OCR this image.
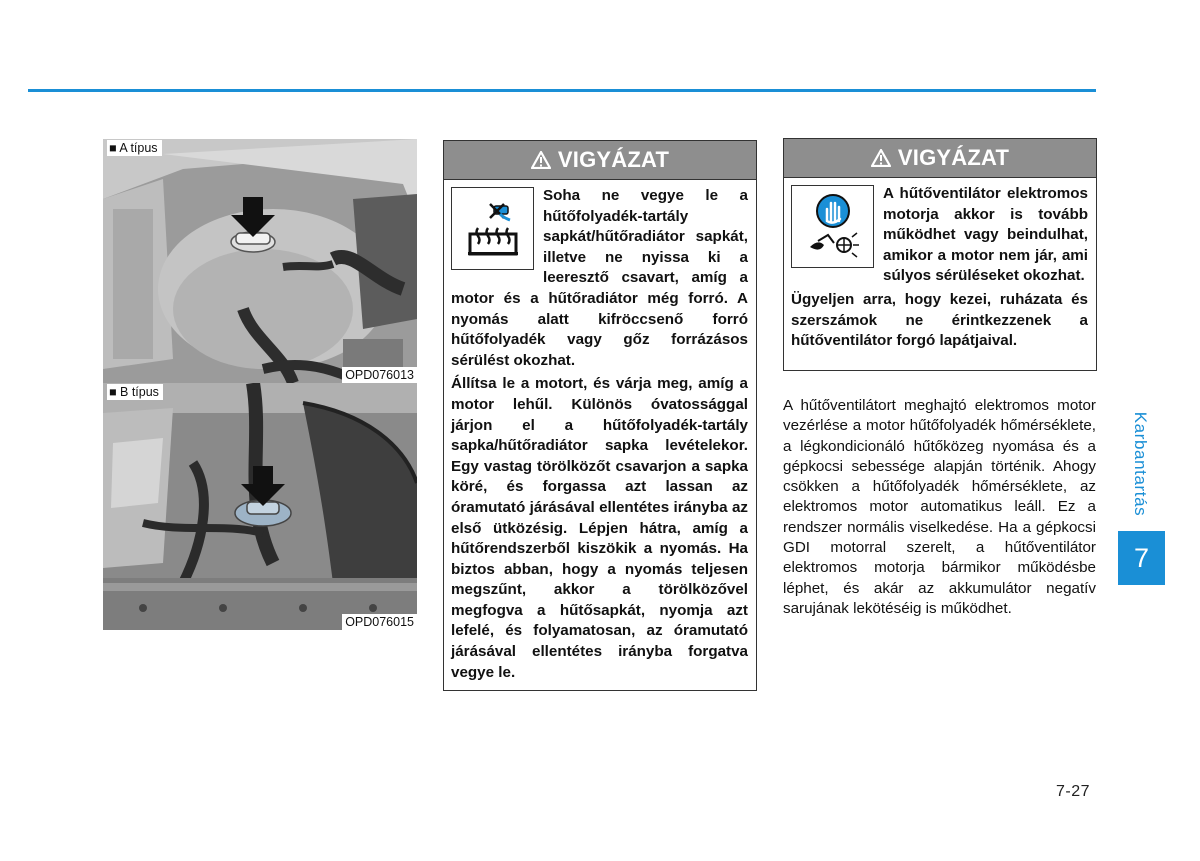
■ A típus
OPD076013
■ B típus
OPD076015
VIGYÁZAT

Soha ne vegye le a hűtőfolyadék-tartály sapkát/hűtőradiátor sapkát, illetve ne nyissa ki a leeresztő csavart, amíg a motor és a hűtőradiátor még forró. A nyomás alatt kifröccsenő forró hűtőfolyadék vagy gőz forrázásos sérülést okozhat.

Állítsa le a motort, és várja meg, amíg a motor lehűl. Különös óvatossággal járjon el a hűtőfolyadék-tartály sapka/hűtőradiátor sapka levételekor. Egy vastag törölközőt csavarjon a sapka köré, és forgassa azt lassan az óramutató járásával ellentétes irányba az első ütközésig. Lépjen hátra, amíg a hűtőrendszerből kiszökik a nyomás. Ha biztos abban, hogy a nyomás teljesen megszűnt, akkor a törölközővel megfogva a hűtősapkát, nyomja azt lefelé, és folyamatosan, az óramutató járásával ellentétes irányba forgatva vegye le.

VIGYÁZAT

A hűtőventilátor elektromos motorja akkor is tovább működhet vagy beindulhat, amikor a motor nem jár, ami súlyos sérüléseket okozhat.

Ügyeljen arra, hogy kezei, ruházata és szerszámok ne érintkezzenek a hűtőventilátor forgó lapátjaival.

A hűtőventilátort meghajtó elektromos motor vezérlése a motor hűtőfolyadék hőmérséklete, a légkondicionáló hűtőközeg nyomása és a gépkocsi sebessége alapján történik. Ahogy csökken a hűtőfolyadék hőmérséklete, az elektromos motor automatikus leáll. Ez a rendszer normális viselkedése. Ha a gépkocsi GDI motorral szerelt, a hűtőventilátor elektromos motorja bármikor működésbe léphet, és akár az akkumulátor negatív sarujának lekötéséig is működhet.
Karbantartás
7
7-27
